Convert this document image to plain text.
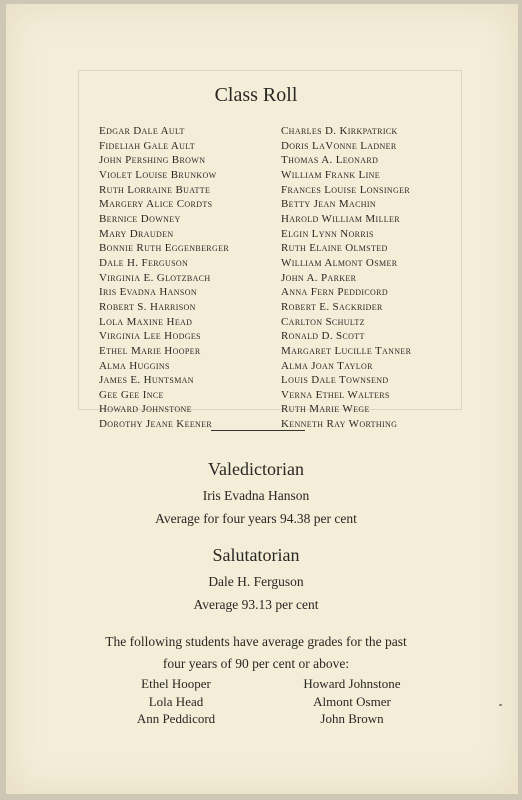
Class Roll
Edgar Dale Ault
Fideliah Gale Ault
John Pershing Brown
Violet Louise Brunkow
Ruth Lorraine Buatte
Margery Alice Cordts
Bernice Downey
Mary Drauden
Bonnie Ruth Eggenberger
Dale H. Ferguson
Virginia E. Glotzbach
Iris Evadna Hanson
Robert S. Harrison
Lola Maxine Head
Virginia Lee Hodges
Ethel Marie Hooper
Alma Huggins
James E. Huntsman
Gee Gee Ince
Howard Johnstone
Dorothy Jeane Keener
Charles D. Kirkpatrick
Doris LaVonne Ladner
Thomas A. Leonard
William Frank Line
Frances Louise Lonsinger
Betty Jean Machin
Harold William Miller
Elgin Lynn Norris
Ruth Elaine Olmsted
William Almont Osmer
John A. Parker
Anna Fern Peddicord
Robert E. Sackrider
Carlton Schultz
Ronald D. Scott
Margaret Lucille Tanner
Alma Joan Taylor
Louis Dale Townsend
Verna Ethel Walters
Ruth Marie Wege
Kenneth Ray Worthing
Valedictorian
Iris Evadna Hanson
Average for four years 94.38 per cent
Salutatorian
Dale H. Ferguson
Average 93.13 per cent
The following students have average grades for the past
four years of 90 per cent or above:
Ethel Hooper
Lola Head
Ann Peddicord
Howard Johnstone
Almont Osmer
John Brown
